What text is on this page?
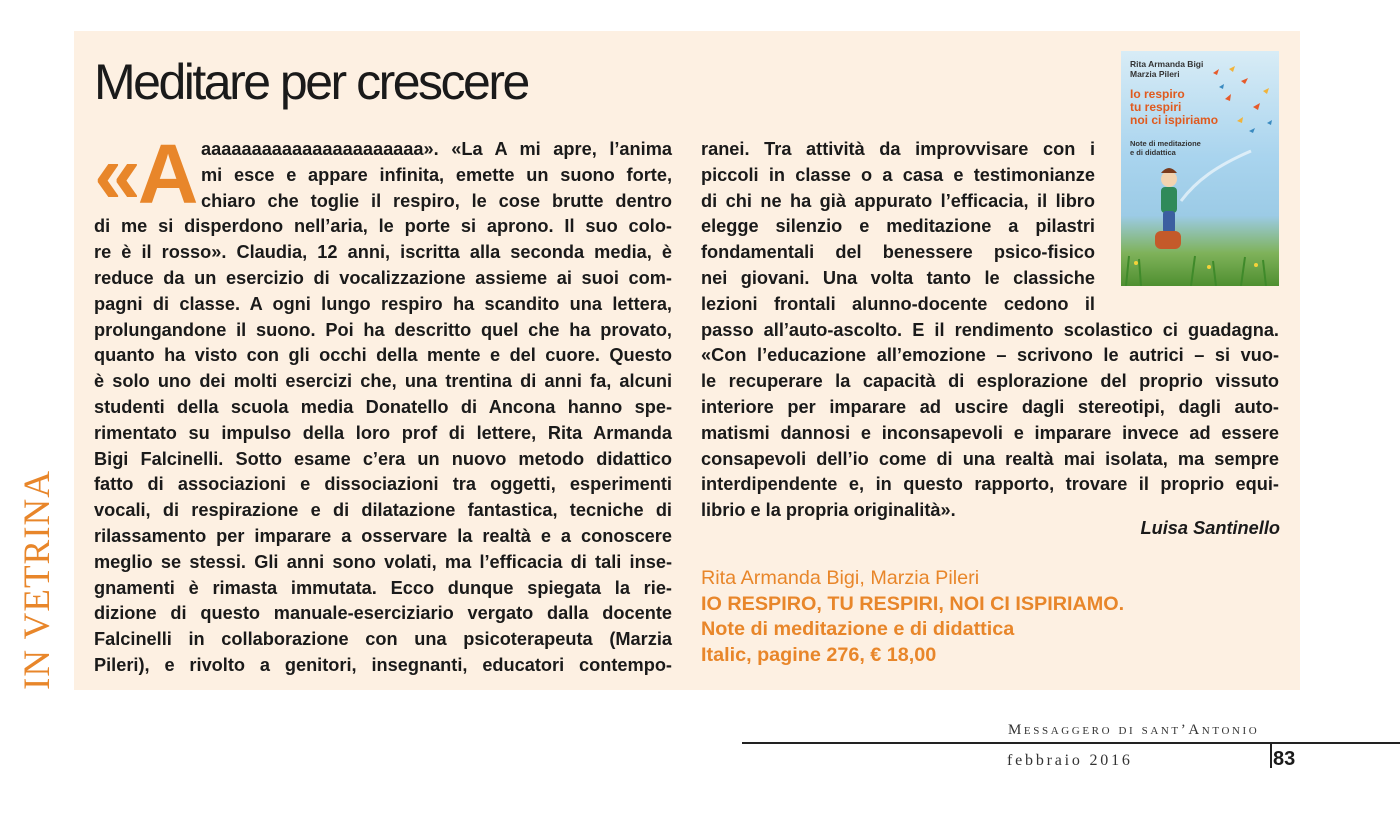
IN VETRINA
Meditare per crescere
«A aaaaaaaaaaaaaaaaaaaaaa». «La A mi apre, l’anima
mi esce e appare infinita, emette un suono forte,
chiaro che toglie il respiro, le cose brutte dentro
di me si disperdono nell’aria, le porte si aprono. Il suo colo-
re è il rosso». Claudia, 12 anni, iscritta alla seconda media, è
reduce da un esercizio di vocalizzazione assieme ai suoi com-
pagni di classe. A ogni lungo respiro ha scandito una lettera,
prolungandone il suono. Poi ha descritto quel che ha provato,
quanto ha visto con gli occhi della mente e del cuore. Questo
è solo uno dei molti esercizi che, una trentina di anni fa, alcuni
studenti della scuola media Donatello di Ancona hanno spe-
rimentato su impulso della loro prof di lettere, Rita Armanda
Bigi Falcinelli. Sotto esame c’era un nuovo metodo didattico
fatto di associazioni e dissociazioni tra oggetti, esperimenti
vocali, di respirazione e di dilatazione fantastica, tecniche di
rilassamento per imparare a osservare la realtà e a conoscere
meglio se stessi. Gli anni sono volati, ma l’efficacia di tali inse-
gnamenti è rimasta immutata. Ecco dunque spiegata la rie-
dizione di questo manuale-eserciziario vergato dalla docente
Falcinelli in collaborazione con una psicoterapeuta (Marzia
Pileri), e rivolto a genitori, insegnanti, educatori contempo-
ranei. Tra attività da improvvisare con i
piccoli in classe o a casa e testimonianze
di chi ne ha già appurato l’efficacia, il libro
elegge silenzio e meditazione a pilastri
fondamentali del benessere psico-fisico
nei giovani. Una volta tanto le classiche
lezioni frontali alunno-docente cedono il
passo all’auto-ascolto. E il rendimento scolastico ci guadagna.
«Con l’educazione all’emozione – scrivono le autrici – si vuo-
le recuperare la capacità di esplorazione del proprio vissuto
interiore per imparare ad uscire dagli stereotipi, dagli auto-
matismi dannosi e inconsapevoli e imparare invece ad essere
consapevoli dell’io come di una realtà mai isolata, ma sempre
interdipendente e, in questo rapporto, trovare il proprio equi-
librio e la propria originalità».
Luisa Santinello
Rita Armanda Bigi, Marzia Pileri
IO RESPIRO, TU RESPIRI, NOI CI ISPIRIAMO.
Note di meditazione e di didattica
Italic, pagine 276, € 18,00
Rita Armanda Bigi
Marzia Pileri
Io respiro
tu respiri
noi ci ispiriamo
Note di meditazione
e di didattica
Messaggero di sant’Antonio
febbraio 2016	83
